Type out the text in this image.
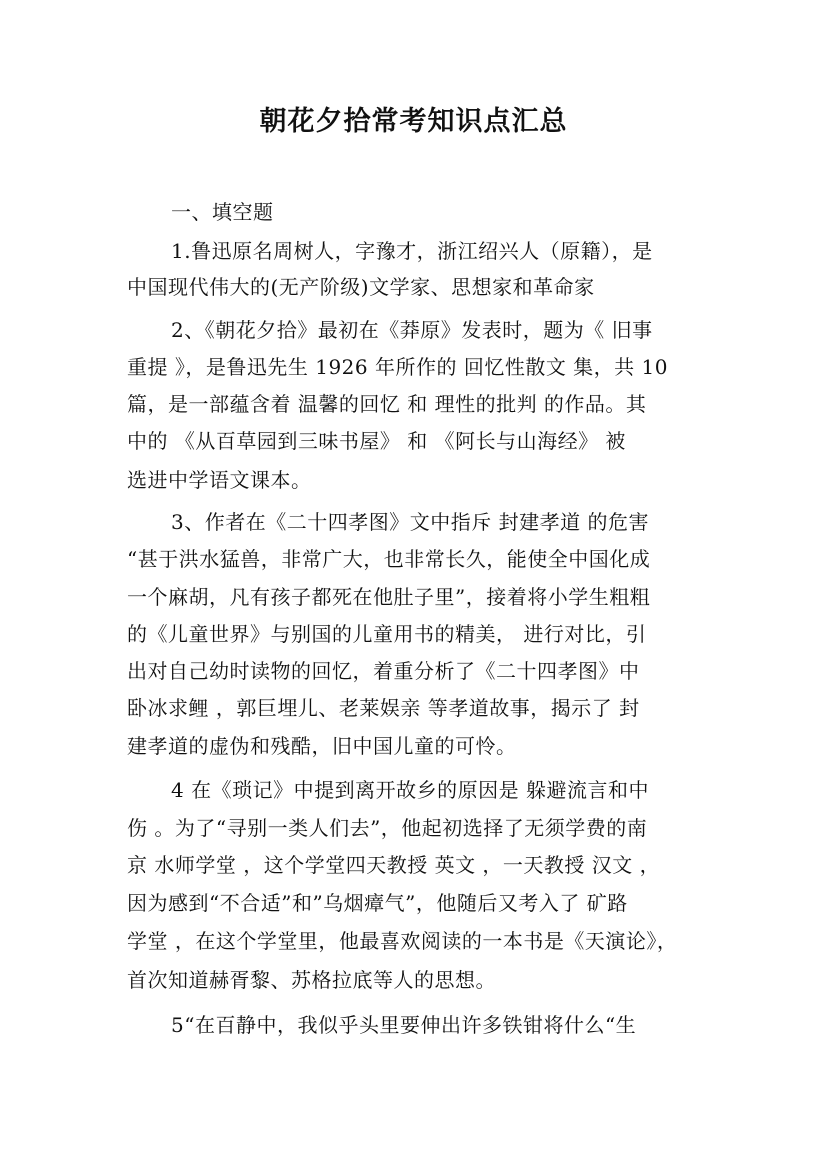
朝花夕拾常考知识点汇总
一、填空题
1.鲁迅原名周树人，字豫才，浙江绍兴人（原籍），是
中国现代伟大的(无产阶级)文学家、思想家和革命家
2、《朝花夕拾》最初在《莽原》发表时，题为《 旧事
重提 》，是鲁迅先生 1926 年所作的 回忆性散文 集，共 10
篇，是一部蕴含着 温馨的回忆 和 理性的批判 的作品。其
中的 《从百草园到三味书屋》 和 《阿长与山海经》 被
选进中学语文课本。
3、作者在《二十四孝图》文中指斥 封建孝道 的危害
“甚于洪水猛兽，非常广大，也非常长久，能使全中国化成
一个麻胡，凡有孩子都死在他肚子里”，接着将小学生粗粗
的《儿童世界》与别国的儿童用书的精美， 进行对比，引
出对自己幼时读物的回忆，着重分析了《二十四孝图》中
卧冰求鲤 ，郭巨埋儿、老莱娱亲 等孝道故事，揭示了 封
建孝道的虚伪和残酷，旧中国儿童的可怜。
4 在《琐记》中提到离开故乡的原因是 躲避流言和中
伤 。为了“寻别一类人们去”，他起初选择了无须学费的南
京 水师学堂 ，这个学堂四天教授 英文 ，一天教授 汉文 ，
因为感到“不合适”和”乌烟瘴气”，他随后又考入了 矿路
学堂 ，在这个学堂里，他最喜欢阅读的一本书是《天演论》，
首次知道赫胥黎、苏格拉底等人的思想。
5“在百静中，我似乎头里要伸出许多铁钳将什么“生
